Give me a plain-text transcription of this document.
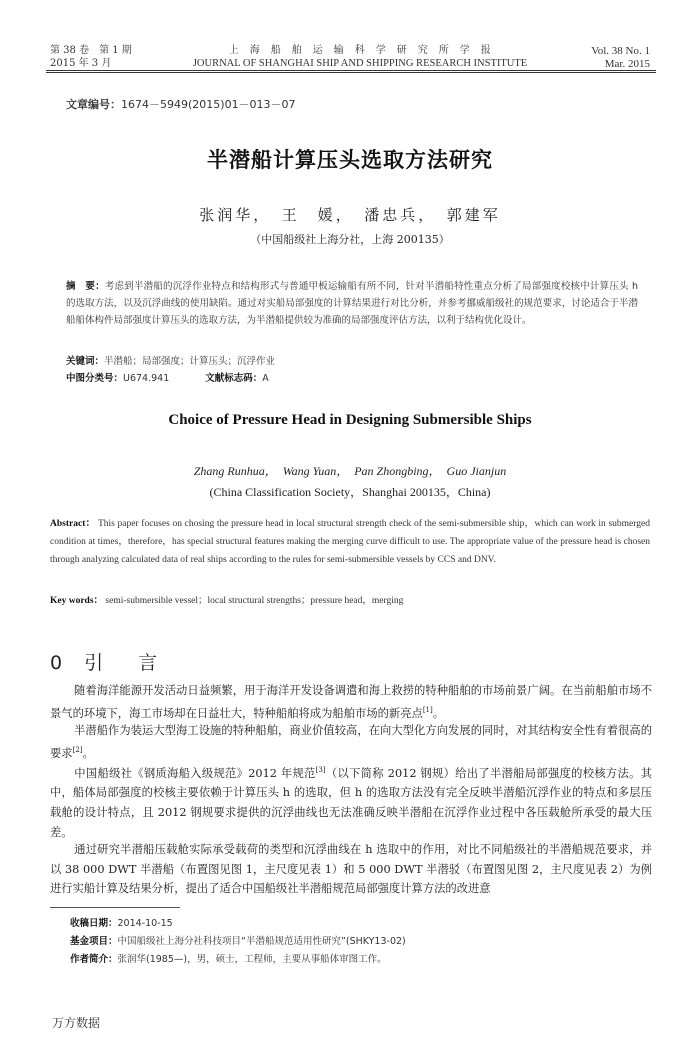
第 38 卷　第 1 期
2015 年 3 月
上　海　船　舶　运　输　科　学　研　究　所　学　报
JOURNAL OF SHANGHAI SHIP AND SHIPPING RESEARCH INSTITUTE
Vol. 38 No. 1
Mar. 2015
文章编号：1674－5949(2015)01－013－07
半潜船计算压头选取方法研究
张润华，　王　媛，　潘忠兵，　郭建军
（中国船级社上海分社，上海 200135）
摘　要：考虑到半潜船的沉浮作业特点和结构形式与普通甲板运输船有所不同，针对半潜船特性重点分析了局部强度校核中计算压头 h 的选取方法，以及沉浮曲线的使用缺陷。通过对实船局部强度的计算结果进行对比分析，并参考挪威船级社的规范要求，讨论适合于半潜船船体构件局部强度计算压头的选取方法，为半潜船提供较为准确的局部强度评估方法，以利于结构优化设计。
关键词：半潜船；局部强度；计算压头；沉浮作业
中图分类号：U674.941	文献标志码：A
Choice of Pressure Head in Designing Submersible Ships
Zhang Runhua，　Wang Yuan，　Pan Zhongbing，　Guo Jianjun
(China Classification Society，Shanghai 200135，China)
Abstract： This paper focuses on chosing the pressure head in local structural strength check of the semi-submersible ship，which can work in submerged condition at times，therefore，has special structural features making the merging curve difficult to use. The appropriate value of the pressure head is chosen through analyzing calculated data of real ships according to the rules for semi-submersible vessels by CCS and DNV.
Key words： semi-submersible vessel；local structural strengths；pressure head，merging
0 引　言
随着海洋能源开发活动日益频繁，用于海洋开发设备调遣和海上救捞的特种船舶的市场前景广阔。在当前船舶市场不景气的环境下，海工市场却在日益壮大，特种船舶将成为船舶市场的新亮点[1]。
半潜船作为装运大型海工设施的特种船舶，商业价值较高，在向大型化方向发展的同时，对其结构安全性有着很高的要求[2]。
中国船级社《钢质海船入级规范》2012 年规范[3]（以下简称 2012 钢规）给出了半潜船局部强度的校核方法。其中，船体局部强度的校核主要依赖于计算压头 h 的选取，但 h 的选取方法没有完全反映半潜船沉浮作业的特点和多层压载舱的设计特点，且 2012 钢规要求提供的沉浮曲线也无法准确反映半潜船在沉浮作业过程中各压载舱所承受的最大压差。
通过研究半潜船压载舱实际承受载荷的类型和沉浮曲线在 h 选取中的作用，对比不同船级社的半潜船规范要求，并以 38 000 DWT 半潜船（布置图见图 1，主尺度见表 1）和 5 000 DWT 半潜驳（布置图见图 2，主尺度见表 2）为例进行实船计算及结果分析，提出了适合中国船级社半潜船规范局部强度计算方法的改进意
收稿日期：2014-10-15
基金项目：中国船级社上海分社科技项目“半潜船规范适用性研究”(SHKY13-02)
作者简介：张润华(1985—)，男，硕士，工程师，主要从事船体审图工作。
万方数据
